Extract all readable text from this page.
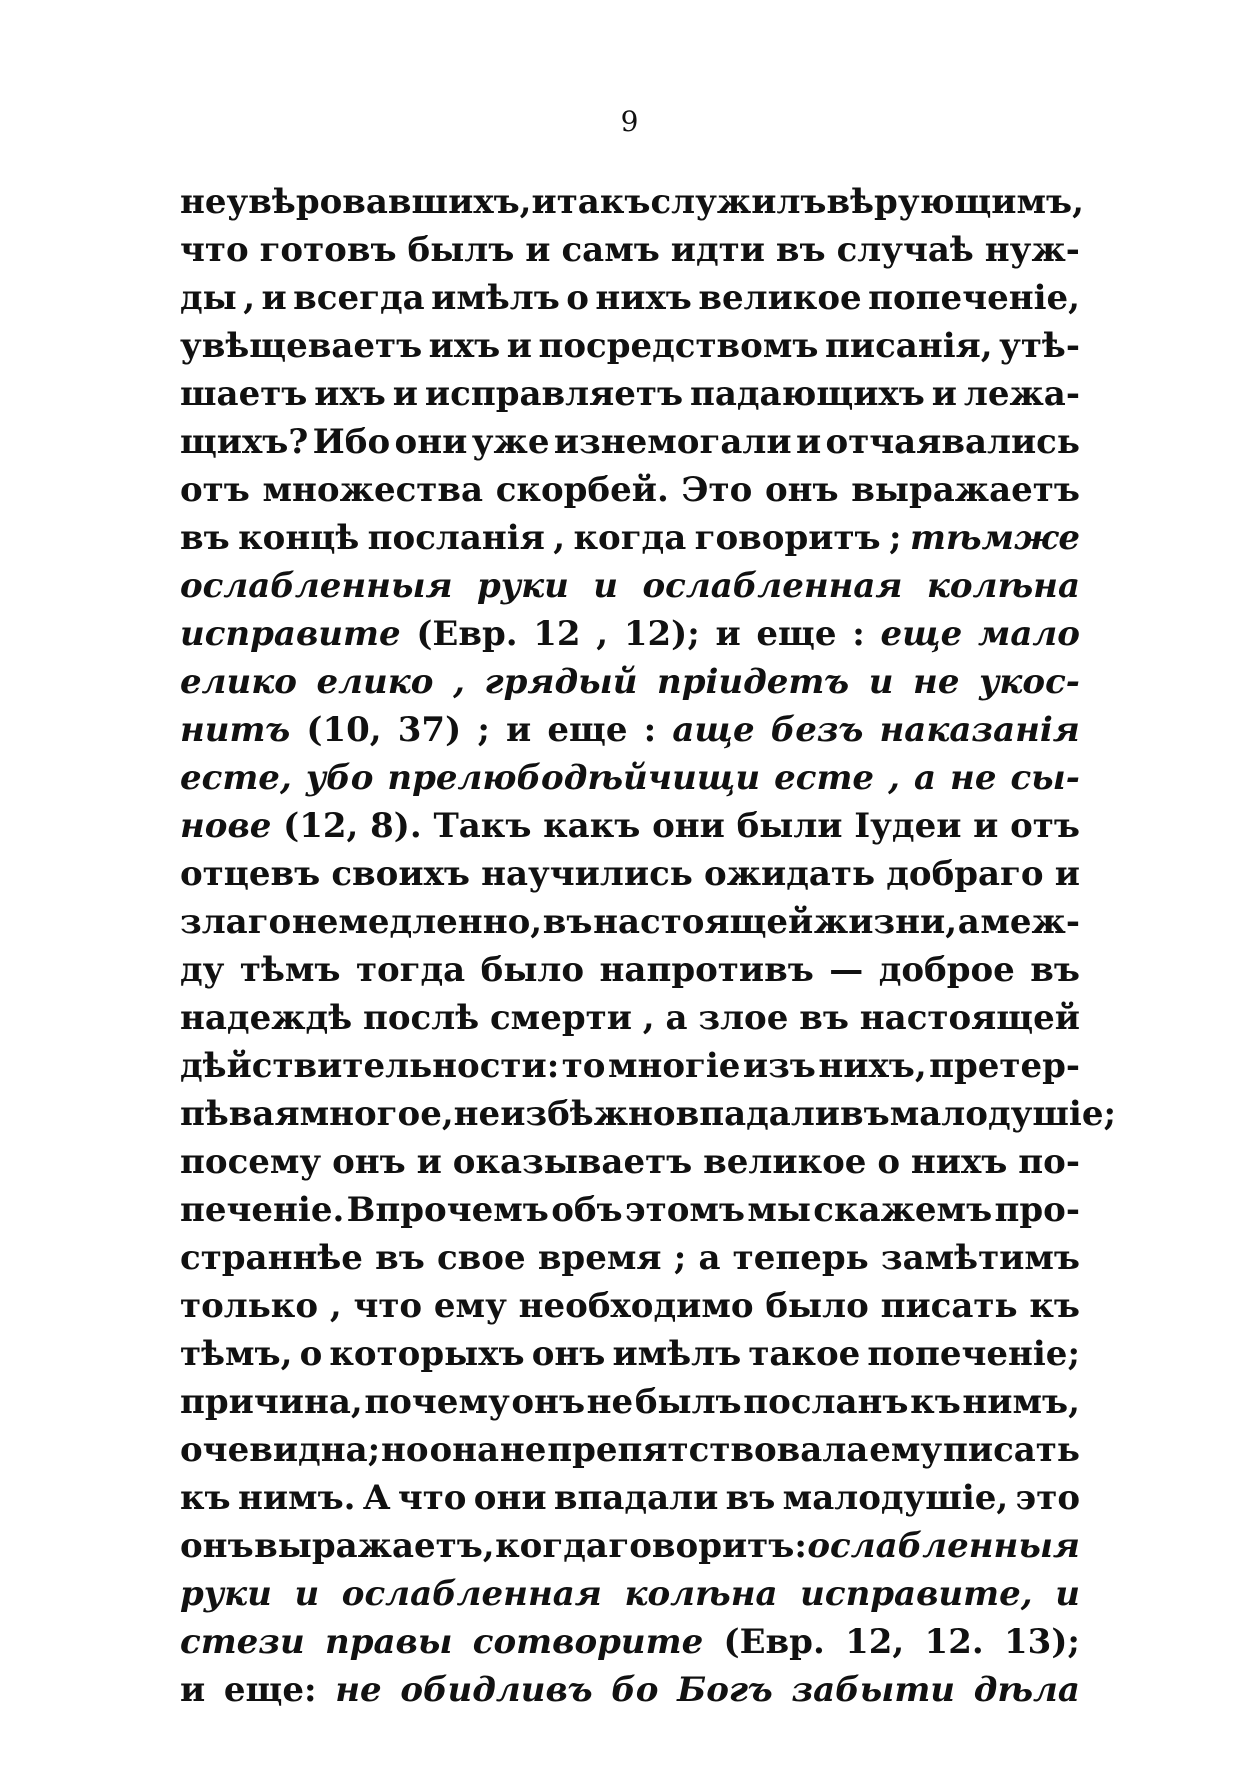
9
не увѣровавшихъ, и такъ служилъ вѣрующимъ,
что готовъ былъ и самъ идти въ случаѣ нуж-
ды , и всегда имѣлъ о нихъ великое попеченіе,
увѣщеваетъ ихъ и посредствомъ писанія, утѣ-
шаетъ ихъ и исправляетъ падающихъ и лежа-
щихъ? Ибо они уже изнемогали и отчаявались
отъ множества скорбей. Это онъ выражаетъ
въ концѣ посланія , когда говоритъ ; тѣмже
ослабленныя руки и ослабленная колѣна
исправите (Евр. 12 , 12); и еще : еще мало
елико елико , грядый пріидетъ и не укос-
нитъ (10, 37) ; и еще : аще безъ наказанія
есте, убо прелюбодѣйчищи есте , а не сы-
нове (12, 8). Такъ какъ они были Іудеи и отъ
отцевъ своихъ научились ожидать добраго и
злаго немедленно, въ настоящей жизни, а меж-
ду тѣмъ тогда было напротивъ — доброе въ
надеждѣ послѣ смерти , а злое въ настоящей
дѣйствительности: то многіе изъ нихъ, претер-
пѣвая многое, неизбѣжно впадали въ малодушіе;
посему онъ и оказываетъ великое о нихъ по-
печеніе. Впрочемъ объ этомъ мы скажемъ про-
страннѣе въ свое время ; а теперь замѣтимъ
только , что ему необходимо было писать къ
тѣмъ, о которыхъ онъ имѣлъ такое попеченіе;
причина, почему онъ не былъ посланъ къ нимъ,
очевидна; но она не препятствовала ему писать
къ нимъ. А что они впадали въ малодушіе, это
онъ выражаетъ, когда говоритъ: ослабленныя
руки и ослабленная колѣна исправите, и
стези правы сотворите (Евр. 12, 12. 13);
и еще: не обидливъ бо Богъ забыти дѣла
